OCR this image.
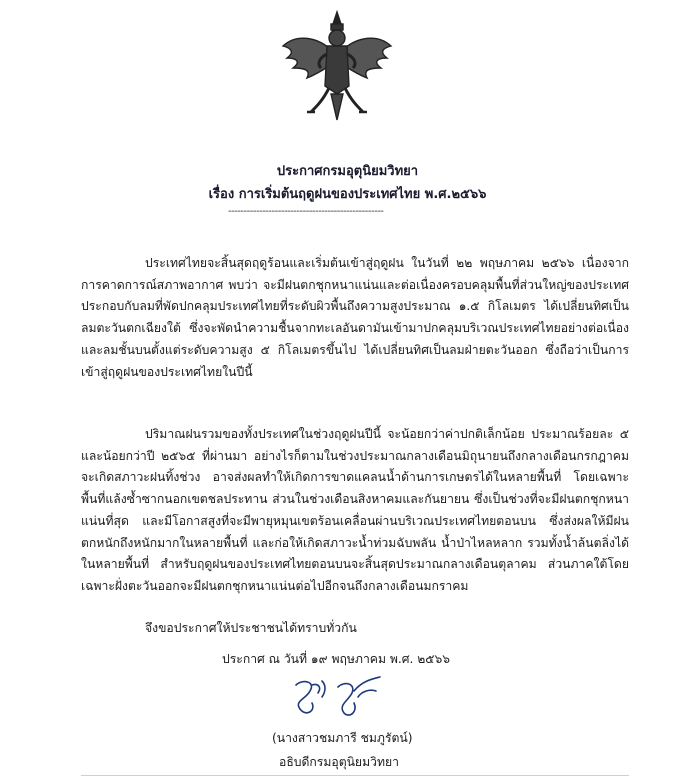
ประกาศกรมอุตุนิยมวิทยา
เรื่อง การเริ่มต้นฤดูฝนของประเทศไทย พ.ศ.๒๕๖๖
--------------------------------------------------
ประเทศไทยจะสิ้นสุดฤดูร้อนและเริ่มต้นเข้าสู่ฤดูฝน ในวันที่ ๒๒ พฤษภาคม ๒๕๖๖ เนื่องจากการคาดการณ์สภาพอากาศ พบว่า จะมีฝนตกชุกหนาแน่นและต่อเนื่องครอบคลุมพื้นที่ส่วนใหญ่ของประเทศ ประกอบกับลมที่พัดปกคลุมประเทศไทยที่ระดับผิวพื้นถึงความสูงประมาณ ๑.๕ กิโลเมตร ได้เปลี่ยนทิศเป็นลมตะวันตกเฉียงใต้ ซึ่งจะพัดนำความชื้นจากทะเลอันดามันเข้ามาปกคลุมบริเวณประเทศไทยอย่างต่อเนื่อง และลมชั้นบนตั้งแต่ระดับความสูง ๕ กิโลเมตรขึ้นไป ได้เปลี่ยนทิศเป็นลมฝ่ายตะวันออก ซึ่งถือว่าเป็นการเข้าสู่ฤดูฝนของประเทศไทยในปีนี้
ปริมาณฝนรวมของทั้งประเทศในช่วงฤดูฝนปีนี้ จะน้อยกว่าค่าปกติเล็กน้อย ประมาณร้อยละ ๕ และน้อยกว่าปี ๒๕๖๕ ที่ผ่านมา อย่างไรก็ตามในช่วงประมาณกลางเดือนมิถุนายนถึงกลางเดือนกรกฎาคม จะเกิดสภาวะฝนทิ้งช่วง อาจส่งผลทำให้เกิดการขาดแคลนน้ำด้านการเกษตรได้ในหลายพื้นที่ โดยเฉพาะพื้นที่แล้งซ้ำซากนอกเขตชลประทาน ส่วนในช่วงเดือนสิงหาคมและกันยายน ซึ่งเป็นช่วงที่จะมีฝนตกชุกหนาแน่นที่สุด และมีโอกาสสูงที่จะมีพายุหมุนเขตร้อนเคลื่อนผ่านบริเวณประเทศไทยตอนบน ซึ่งส่งผลให้มีฝนตกหนักถึงหนักมากในหลายพื้นที่ และก่อให้เกิดสภาวะน้ำท่วมฉับพลัน น้ำป่าไหลหลาก รวมทั้งน้ำล้นตลิ่งได้ในหลายพื้นที่ สำหรับฤดูฝนของประเทศไทยตอนบนจะสิ้นสุดประมาณกลางเดือนตุลาคม ส่วนภาคใต้โดยเฉพาะฝั่งตะวันออกจะมีฝนตกชุกหนาแน่นต่อไปอีกจนถึงกลางเดือนมกราคม
จึงขอประกาศให้ประชาชนได้ทราบทั่วกัน
ประกาศ ณ วันที่ ๑๙ พฤษภาคม พ.ศ. ๒๕๖๖
(นางสาวชมภารี ชมภูรัตน์)
อธิบดีกรมอุตุนิยมวิทยา
